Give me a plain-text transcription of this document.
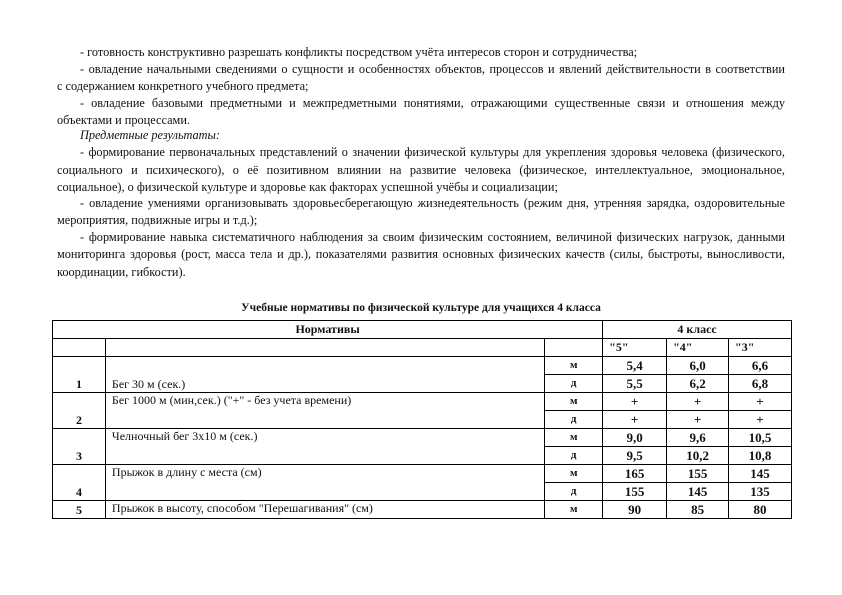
- готовность конструктивно разрешать конфликты посредством учёта интересов сторон и сотрудничества;
- овладение начальными сведениями о сущности и особенностях объектов, процессов и явлений действительности в соответствии
с содержанием конкретного учебного предмета;
- овладение базовыми предметными и межпредметными понятиями, отражающими существенные связи и отношения между
объектами и процессами.
Предметные результаты:
- формирование первоначальных представлений о значении физической культуры для укрепления здоровья человека (физического,
социального и психического), о её позитивном влиянии на развитие человека (физическое, интеллектуальное, эмоциональное,
социальное), о физической культуре и здоровье как факторах успешной учёбы и социализации;
- овладение умениями организовывать здоровьесберегающую жизнедеятельность (режим дня, утренняя зарядка, оздоровительные
мероприятия, подвижные игры и т.д.);
- формирование навыка систематичного наблюдения за своим физическим состоянием, величиной физических нагрузок, данными
мониторинга здоровья (рост, масса тела и др.), показателями развития основных физических качеств (силы, быстроты, выносливости,
координации, гибкости).
Учебные нормативы по физической культуре для учащихся 4 класса
Нормативы			4 класс		
			"5"	"4"	"3"
1	Бег 30 м (сек.)	м	5,4	6,0	6,6
		д	5,5	6,2	6,8
2	Бег 1000 м (мин,сек.) ("+" - без учета времени)	м	+	+	+
		д	+	+	+
3	Челночный бег 3х10 м (сек.)	м	9,0	9,6	10,5
		д	9,5	10,2	10,8
4	Прыжок в длину с места (см)	м	165	155	145
		д	155	145	135
5	Прыжок в высоту, способом "Перешагивания" (см)	м	90	85	80
